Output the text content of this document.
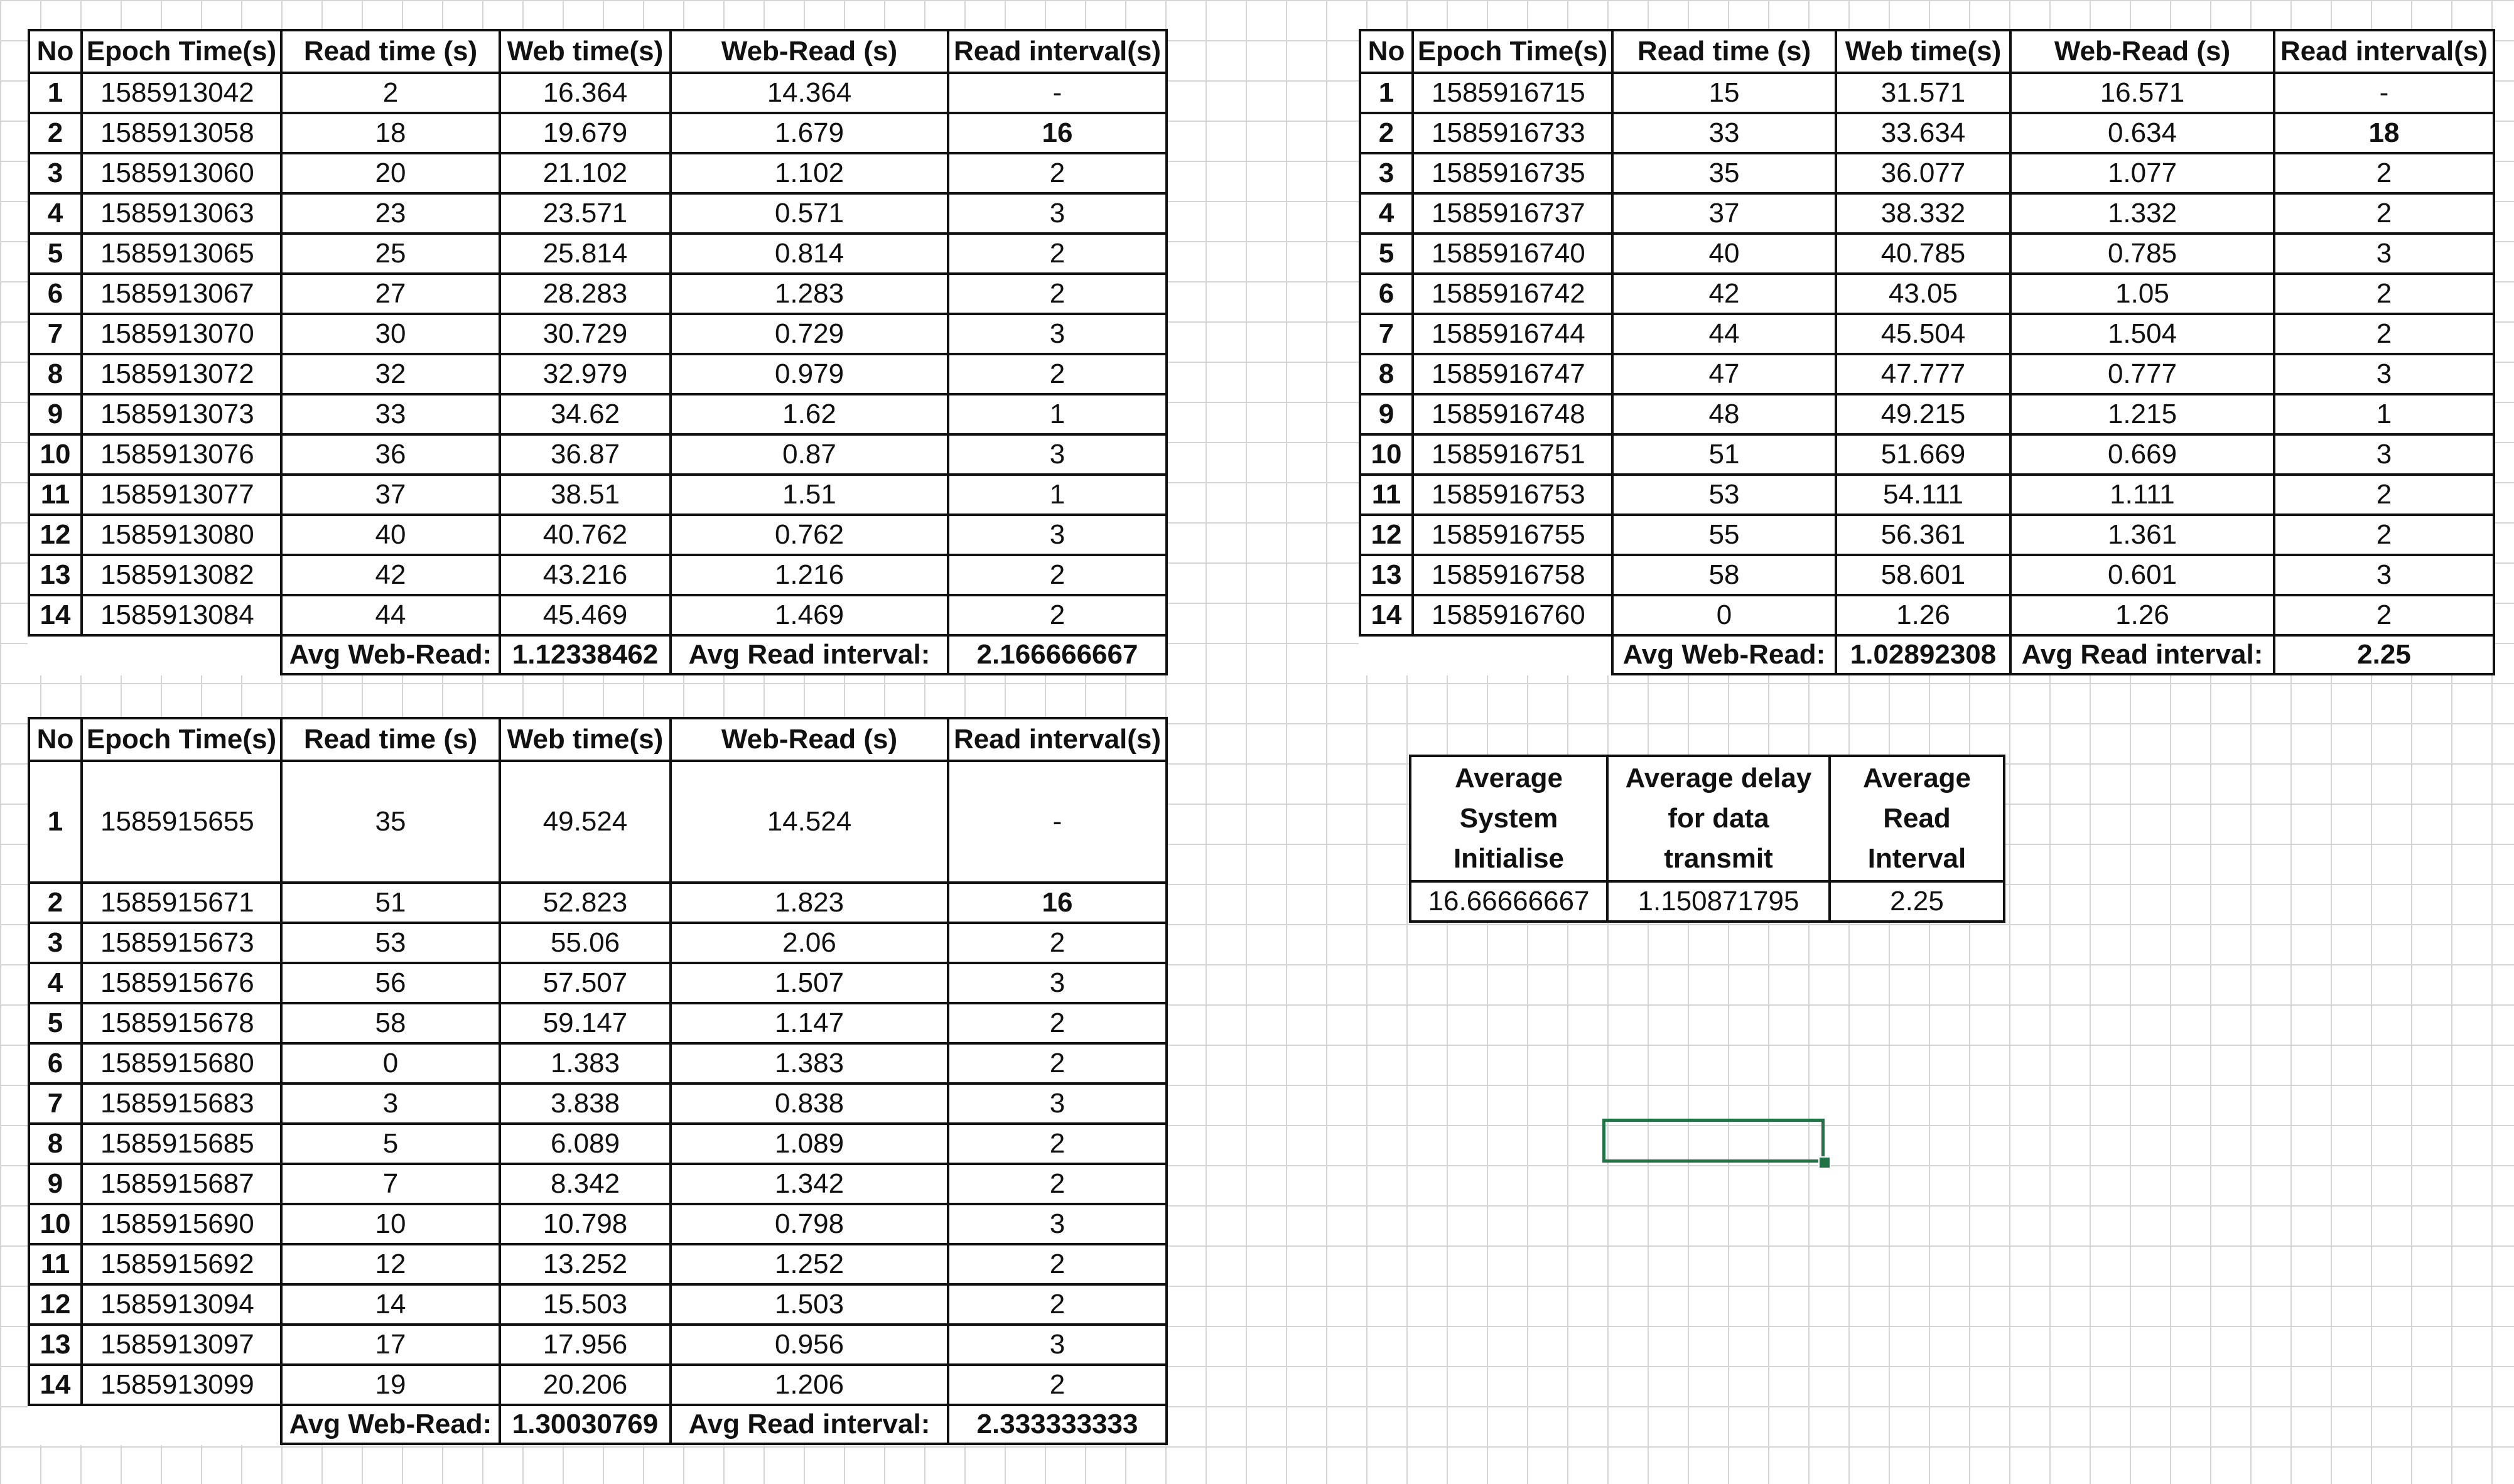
No	Epoch Time(s)	Read time (s)	Web time(s)	Web-Read (s)	Read interval(s)
1	1585913042	2	16.364	14.364	-
2	1585913058	18	19.679	1.679	16
3	1585913060	20	21.102	1.102	2
4	1585913063	23	23.571	0.571	3
5	1585913065	25	25.814	0.814	2
6	1585913067	27	28.283	1.283	2
7	1585913070	30	30.729	0.729	3
8	1585913072	32	32.979	0.979	2
9	1585913073	33	34.62	1.62	1
10	1585913076	36	36.87	0.87	3
11	1585913077	37	38.51	1.51	1
12	1585913080	40	40.762	0.762	3
13	1585913082	42	43.216	1.216	2
14	1585913084	44	45.469	1.469	2
		Avg Web-Read:	1.12338462	Avg Read interval:	2.166666667
No	Epoch Time(s)	Read time (s)	Web time(s)	Web-Read (s)	Read interval(s)
1	1585916715	15	31.571	16.571	-
2	1585916733	33	33.634	0.634	18
3	1585916735	35	36.077	1.077	2
4	1585916737	37	38.332	1.332	2
5	1585916740	40	40.785	0.785	3
6	1585916742	42	43.05	1.05	2
7	1585916744	44	45.504	1.504	2
8	1585916747	47	47.777	0.777	3
9	1585916748	48	49.215	1.215	1
10	1585916751	51	51.669	0.669	3
11	1585916753	53	54.111	1.111	2
12	1585916755	55	56.361	1.361	2
13	1585916758	58	58.601	0.601	3
14	1585916760	0	1.26	1.26	2
		Avg Web-Read:	1.02892308	Avg Read interval:	2.25
No	Epoch Time(s)	Read time (s)	Web time(s)	Web-Read (s)	Read interval(s)
1	1585915655	35	49.524	14.524	-
2	1585915671	51	52.823	1.823	16
3	1585915673	53	55.06	2.06	2
4	1585915676	56	57.507	1.507	3
5	1585915678	58	59.147	1.147	2
6	1585915680	0	1.383	1.383	2
7	1585915683	3	3.838	0.838	3
8	1585915685	5	6.089	1.089	2
9	1585915687	7	8.342	1.342	2
10	1585915690	10	10.798	0.798	3
11	1585915692	12	13.252	1.252	2
12	1585913094	14	15.503	1.503	2
13	1585913097	17	17.956	0.956	3
14	1585913099	19	20.206	1.206	2
		Avg Web-Read:	1.30030769	Avg Read interval:	2.333333333
Average System Initialise	Average delay for data transmit	Average Read Interval
16.66666667	1.150871795	2.25
